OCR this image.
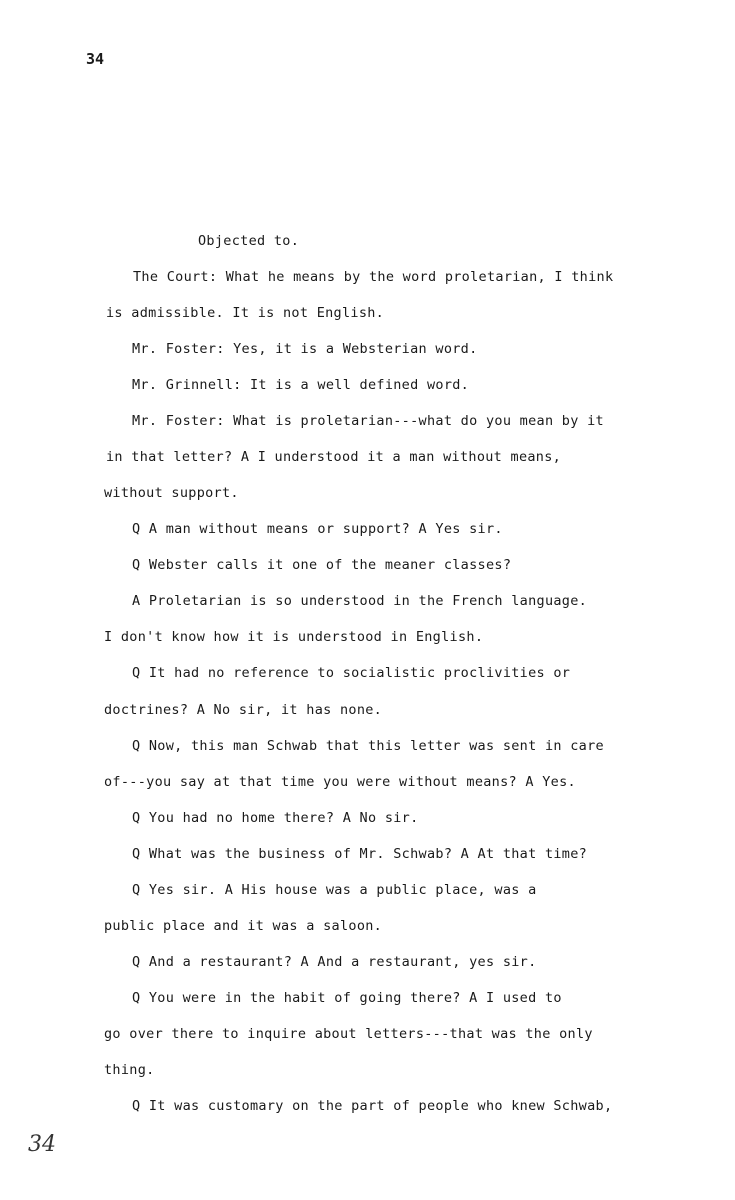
34
Objected to.
The Court: What he means by the word proletarian, I think
is admissible. It is not English.
Mr. Foster: Yes, it is a Websterian word.
Mr. Grinnell: It is a well defined word.
Mr. Foster: What is proletarian---what do you mean by it
in that letter? A I understood it a man without means,
without support.
Q A man without means or support? A Yes sir.
Q Webster calls it one of the meaner classes?
A Proletarian is so understood in the French language.
I don't know how it is understood in English.
Q It had no reference to socialistic proclivities or
doctrines? A No sir, it has none.
Q Now, this man Schwab that this letter was sent in care
of---you say at that time you were without means? A Yes.
Q You had no home there? A No sir.
Q What was the business of Mr. Schwab? A At that time?
Q Yes sir. A His house was a public place, was a
public place and it was a saloon.
Q And a restaurant? A And a restaurant, yes sir.
Q You were in the habit of going there? A I used to
go over there to inquire about letters---that was the only
thing.
Q It was customary on the part of people who knew Schwab,
34
